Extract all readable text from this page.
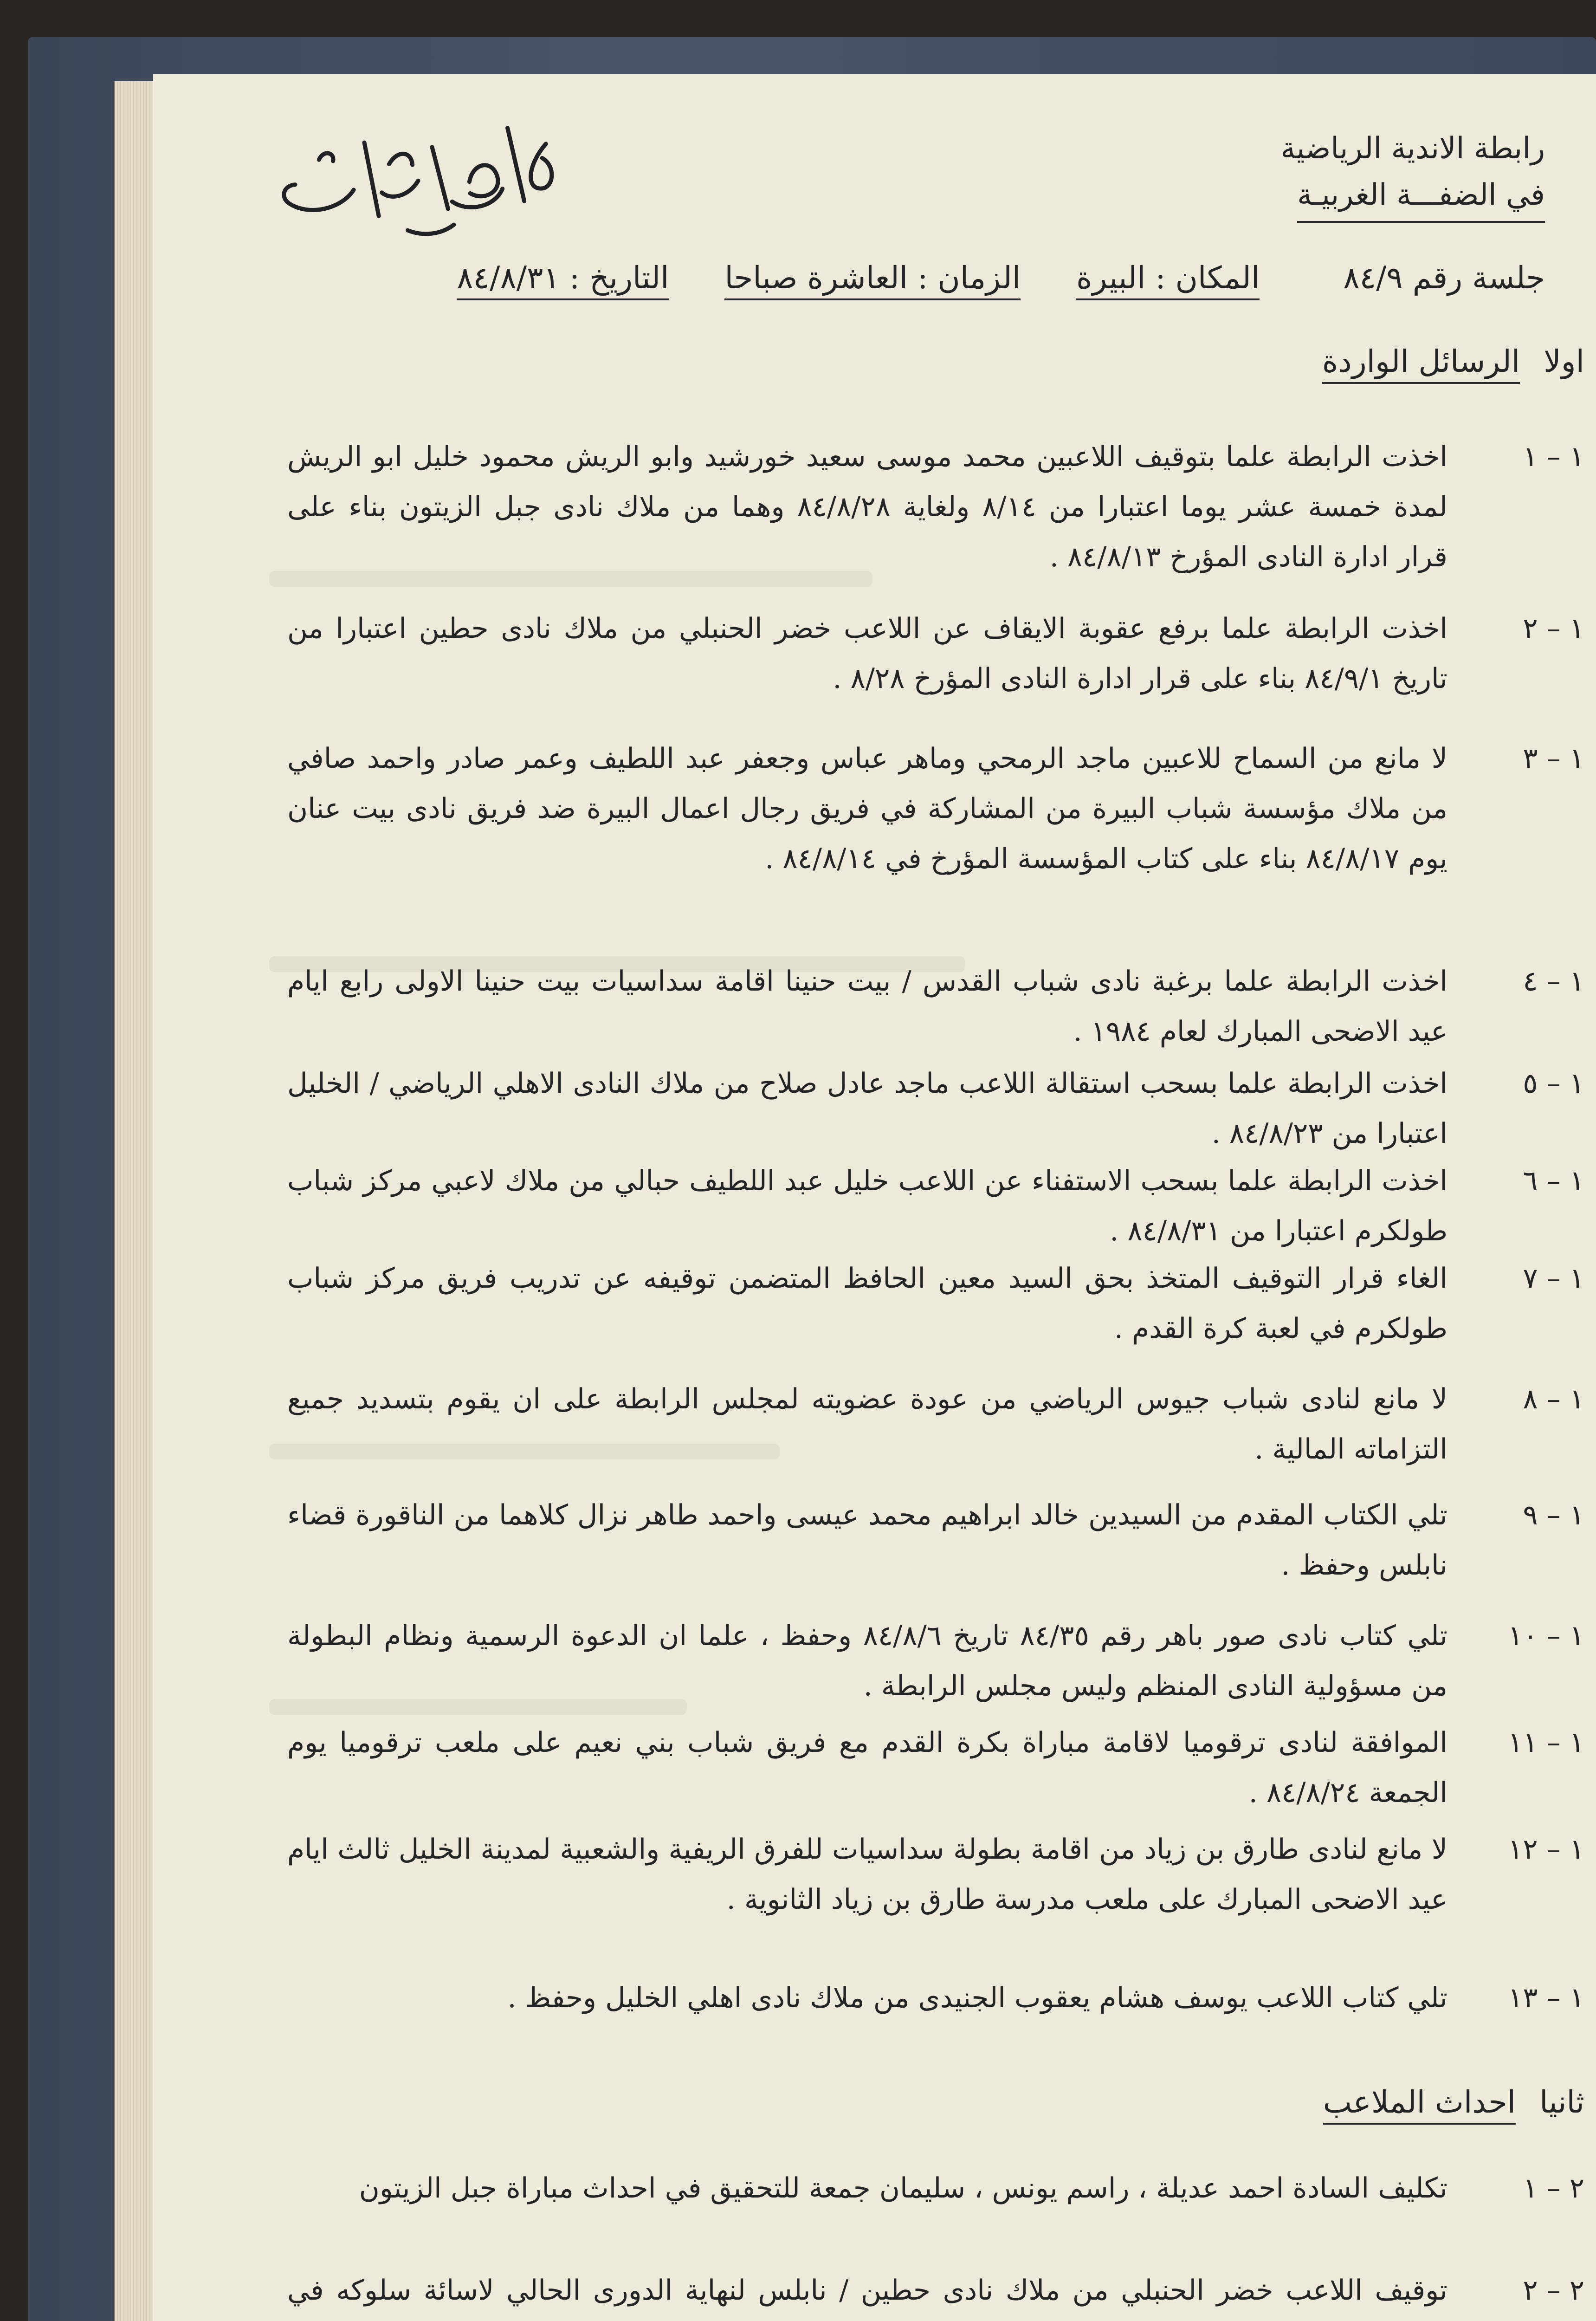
رابطة الاندية الرياضية
في الضفـــة الغربيـة
جلسة رقم ٨٤/٩
المكان : البيرة
الزمان : العاشرة صباحا
التاريخ : ٨٤/٨/٣١
اولا الرسائل الواردة
١ – ١
اخذت الرابطة علما بتوقيف اللاعبين محمد موسى سعيد خورشيد وابو الريش محمود خليل ابو الريش لمدة خمسة عشر يوما اعتبارا من ٨/١٤ ولغاية ٨٤/٨/٢٨ وهما من ملاك نادى جبل الزيتون بناء على قرار ادارة النادى المؤرخ ٨٤/٨/١٣ .
١ – ٢
اخذت الرابطة علما برفع عقوبة الايقاف عن اللاعب خضر الحنبلي من ملاك نادى حطين اعتبارا من تاريخ ٨٤/٩/١ بناء على قرار ادارة النادى المؤرخ ٨/٢٨ .
١ – ٣
لا مانع من السماح للاعبين ماجد الرمحي وماهر عباس وجعفر عبد اللطيف وعمر صادر واحمد صافي من ملاك مؤسسة شباب البيرة من المشاركة في فريق رجال اعمال البيرة ضد فريق نادى بيت عنان يوم ٨٤/٨/١٧ بناء على كتاب المؤسسة المؤرخ في ٨٤/٨/١٤ .
١ – ٤
اخذت الرابطة علما برغبة نادى شباب القدس / بيت حنينا اقامة سداسيات بيت حنينا الاولى رابع ايام عيد الاضحى المبارك لعام ١٩٨٤ .
١ – ٥
اخذت الرابطة علما بسحب استقالة اللاعب ماجد عادل صلاح من ملاك النادى الاهلي الرياضي / الخليل اعتبارا من ٨٤/٨/٢٣ .
١ – ٦
اخذت الرابطة علما بسحب الاستفناء عن اللاعب خليل عبد اللطيف حبالي من ملاك لاعبي مركز شباب طولكرم اعتبارا من ٨٤/٨/٣١ .
١ – ٧
الغاء قرار التوقيف المتخذ بحق السيد معين الحافظ المتضمن توقيفه عن تدريب فريق مركز شباب طولكرم في لعبة كرة القدم .
١ – ٨
لا مانع لنادى شباب جيوس الرياضي من عودة عضويته لمجلس الرابطة على ان يقوم بتسديد جميع التزاماته المالية .
١ – ٩
تلي الكتاب المقدم من السيدين خالد ابراهيم محمد عيسى واحمد طاهر نزال كلاهما من الناقورة قضاء نابلس وحفظ .
١ – ١٠
تلي كتاب نادى صور باهر رقم ٨٤/٣٥ تاريخ ٨٤/٨/٦ وحفظ ، علما ان الدعوة الرسمية ونظام البطولة من مسؤولية النادى المنظم وليس مجلس الرابطة .
١ – ١١
الموافقة لنادى ترقوميا لاقامة مباراة بكرة القدم مع فريق شباب بني نعيم على ملعب ترقوميا يوم الجمعة ٨٤/٨/٢٤ .
١ – ١٢
لا مانع لنادى طارق بن زياد من اقامة بطولة سداسيات للفرق الريفية والشعبية لمدينة الخليل ثالث ايام عيد الاضحى المبارك على ملعب مدرسة طارق بن زياد الثانوية .
١ – ١٣
تلي كتاب اللاعب يوسف هشام يعقوب الجنيدى من ملاك نادى اهلي الخليل وحفظ .
ثانيا احداث الملاعب
٢ – ١
تكليف السادة احمد عديلة ، راسم يونس ، سليمان جمعة للتحقيق في احداث مباراة جبل الزيتون
٢ – ٢
توقيف اللاعب خضر الحنبلي من ملاك نادى حطين / نابلس لنهاية الدورى الحالي لاسائة سلوكه في
